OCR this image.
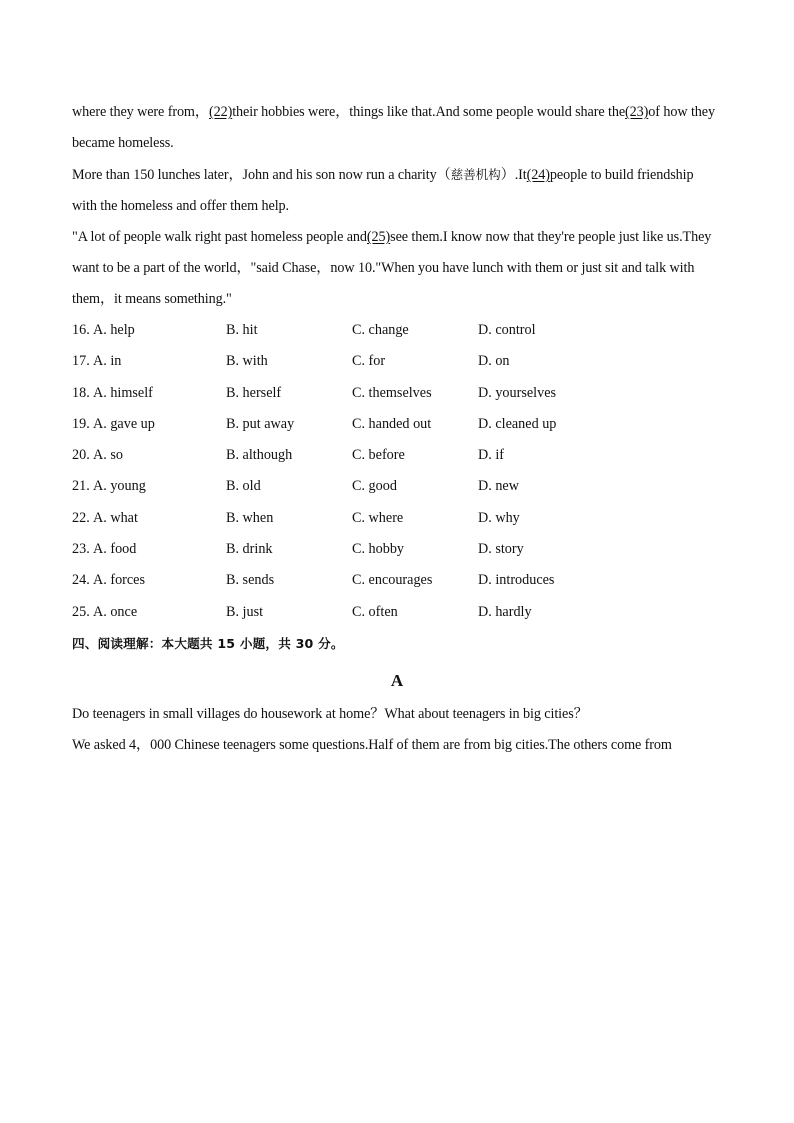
where they were from，(22)their hobbies were，things like that.And some people would share the(23)of how they

became homeless.

More than 150 lunches later，John and his son now run a charity（慈善机构）.It(24)people to build friendship

with the homeless and offer them help.

"A lot of people walk right past homeless people and(25)see them.I know now that they're people just like us.They

want to be a part of the world，"said Chase，now 10."When you have lunch with them or just sit and talk with

them，it means something."

16. A. help	B. hit	C. change	D. control
17. A. in	B. with	C. for	D. on
18. A. himself	B. herself	C. themselves	D. yourselves
19. A. gave up	B. put away	C. handed out	D. cleaned up
20. A. so	B. although	C. before	D. if
21. A. young	B. old	C. good	D. new
22. A. what	B. when	C. where	D. why
23. A. food	B. drink	C. hobby	D. story
24. A. forces	B. sends	C. encourages	D. introduces
25. A. once	B. just	C. often	D. hardly

四、阅读理解：本大题共 15 小题，共 30 分。

A

Do teenagers in small villages do housework at home？What about teenagers in big cities？

We asked 4，000 Chinese teenagers some questions.Half of them are from big cities.The others come from
